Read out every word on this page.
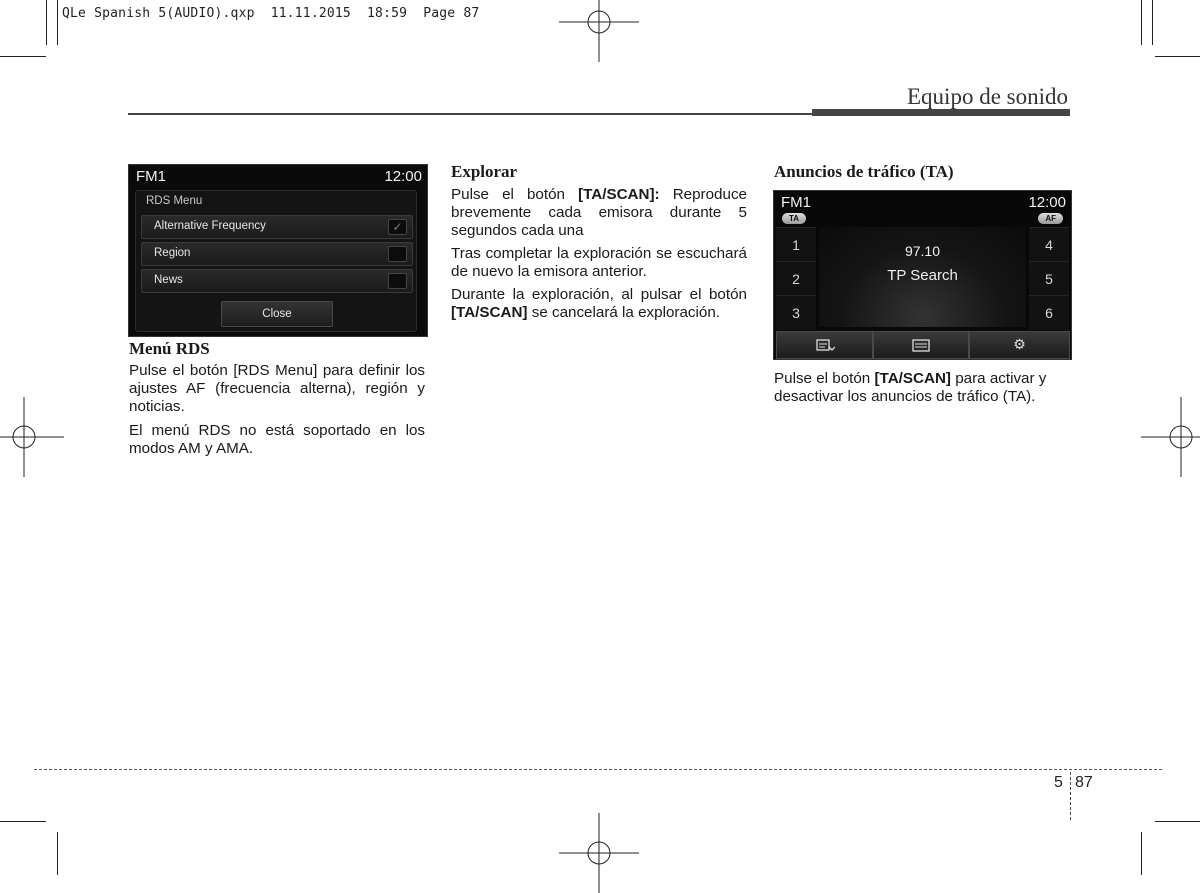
QLe Spanish 5(AUDIO).qxp  11.11.2015  18:59  Page 87
Equipo de sonido
FM1	12:00
RDS Menu
Alternative Frequency	✓
Region
News
Close
Menú RDS
Pulse el botón [RDS Menu] para definir los ajustes AF (frecuencia alterna), región y noticias.
El menú RDS no está soportado en los modos AM y AMA.
Explorar
Pulse el botón [TA/SCAN]: Reproduce brevemente cada emisora durante 5 segundos cada una
Tras completar la exploración se escuchará de nuevo la emisora anterior.
Durante la exploración, al pulsar el botón [TA/SCAN] se cancelará la exploración.
Anuncios de tráfico (TA)
FM1	12:00
TA	AF
1
2
3
4
5
6
97.10
TP Search
⚙
Pulse el botón [TA/SCAN] para activar y desactivar los anuncios de tráfico (TA).
5 87
